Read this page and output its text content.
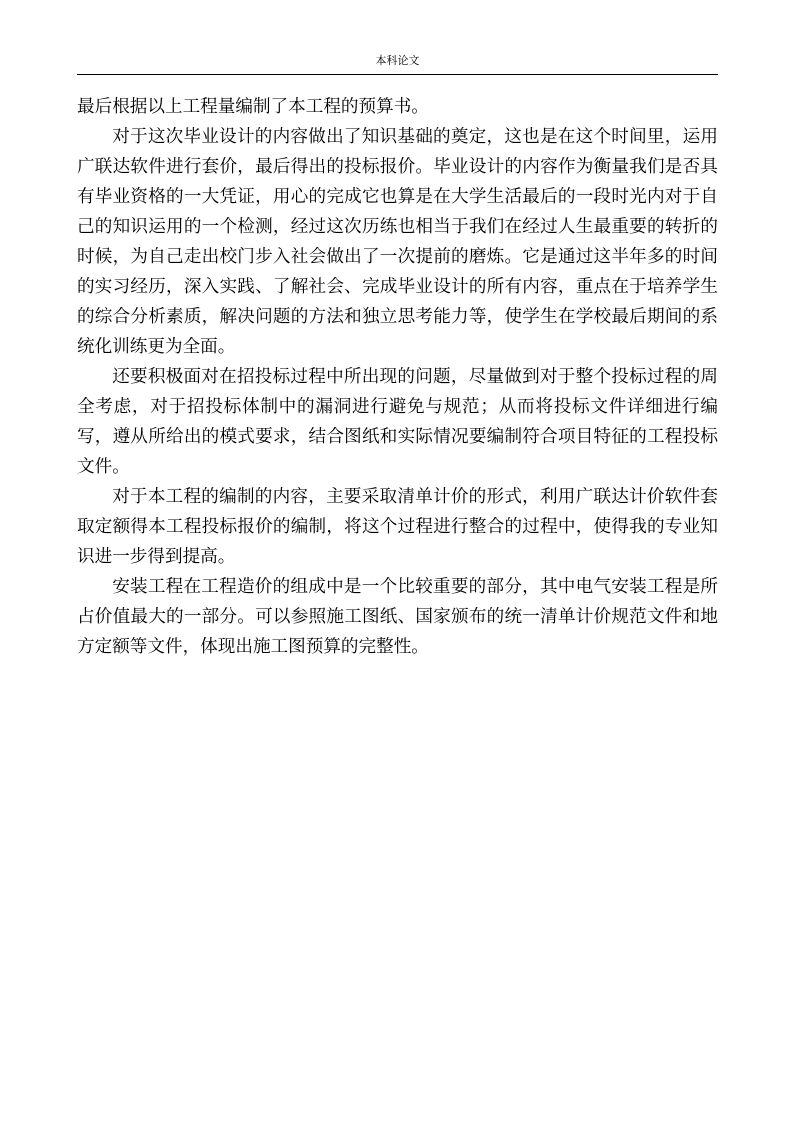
本科论文

最后根据以上工程量编制了本工程的预算书。

对于这次毕业设计的内容做出了知识基础的奠定，这也是在这个时间里，运用广联达软件进行套价，最后得出的投标报价。毕业设计的内容作为衡量我们是否具有毕业资格的一大凭证，用心的完成它也算是在大学生活最后的一段时光内对于自己的知识运用的一个检测，经过这次历练也相当于我们在经过人生最重要的转折的时候，为自己走出校门步入社会做出了一次提前的磨炼。它是通过这半年多的时间的实习经历，深入实践、了解社会、完成毕业设计的所有内容，重点在于培养学生的综合分析素质，解决问题的方法和独立思考能力等，使学生在学校最后期间的系统化训练更为全面。

还要积极面对在招投标过程中所出现的问题，尽量做到对于整个投标过程的周全考虑，对于招投标体制中的漏洞进行避免与规范；从而将投标文件详细进行编写，遵从所给出的模式要求，结合图纸和实际情况要编制符合项目特征的工程投标文件。

对于本工程的编制的内容，主要采取清单计价的形式，利用广联达计价软件套取定额得本工程投标报价的编制，将这个过程进行整合的过程中，使得我的专业知识进一步得到提高。

安装工程在工程造价的组成中是一个比较重要的部分，其中电气安装工程是所占价值最大的一部分。可以参照施工图纸、国家颁布的统一清单计价规范文件和地方定额等文件，体现出施工图预算的完整性。
